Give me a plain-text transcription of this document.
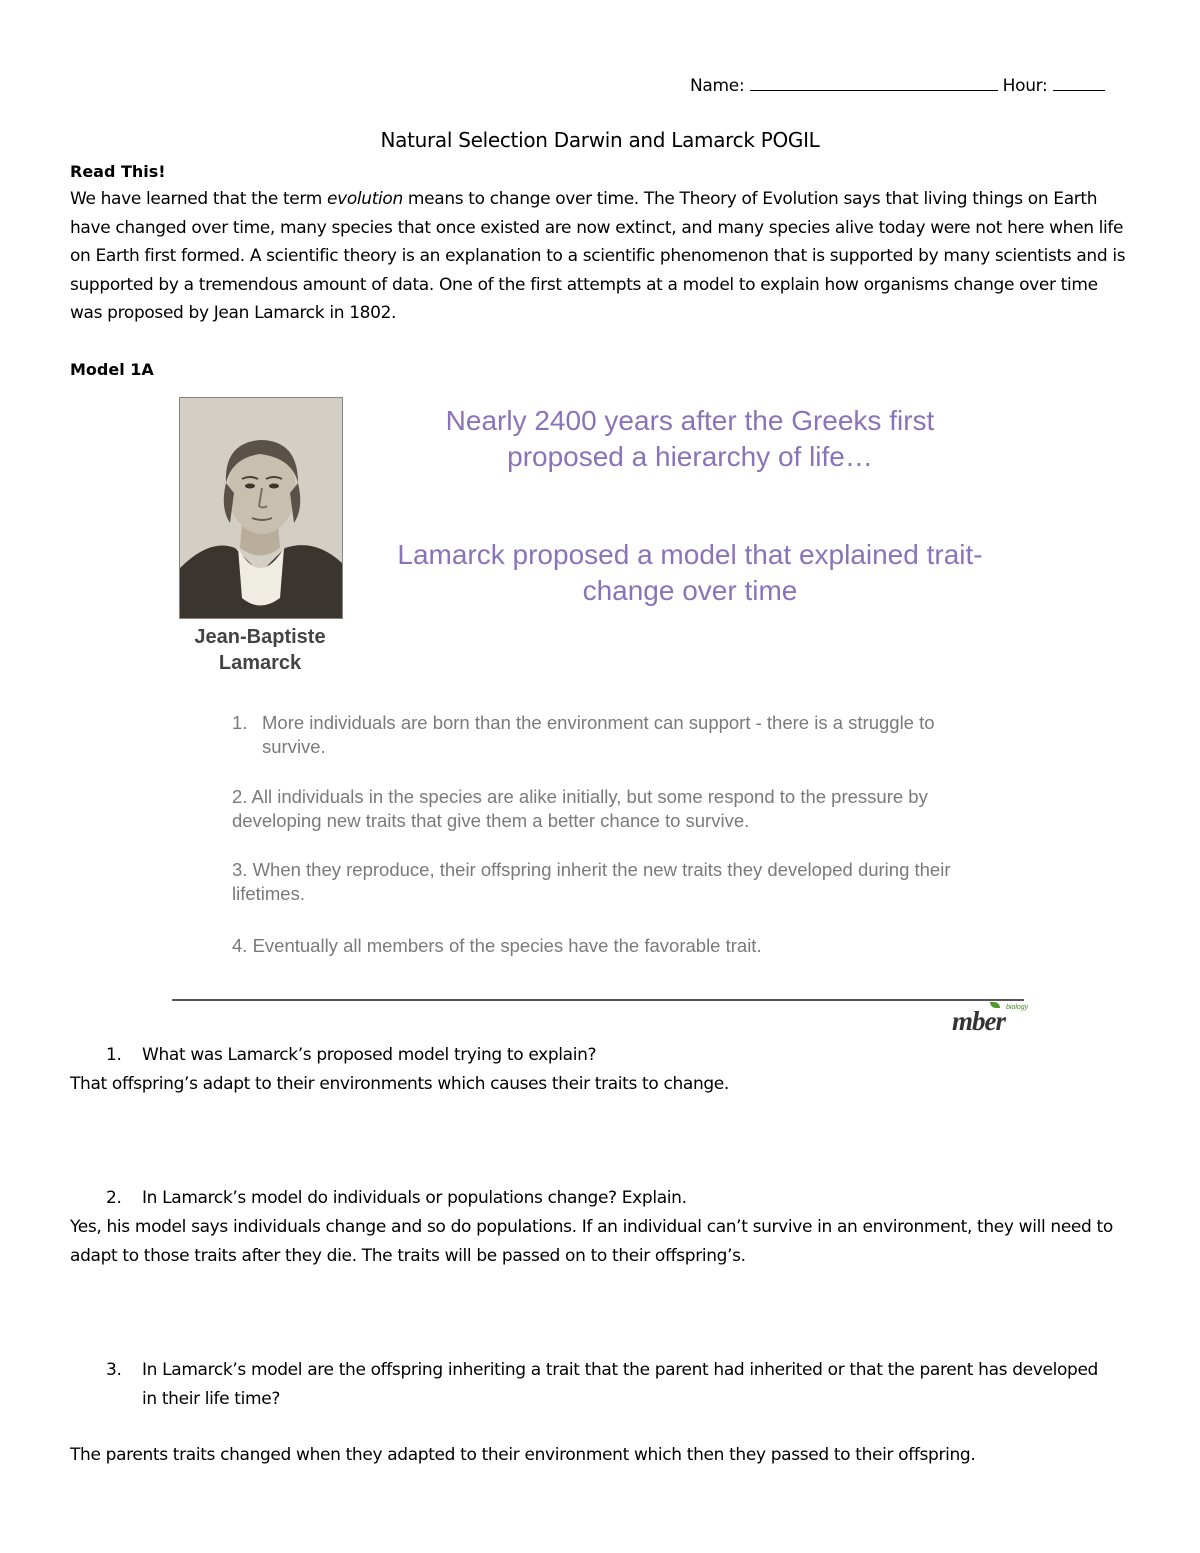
Name:	Hour:
Natural Selection Darwin and Lamarck POGIL
Read This!

We have learned that the term evolution means to change over time. The Theory of Evolution says that living things on Earth have changed over time, many species that once existed are now extinct, and many species alive today were not here when life on Earth first formed. A scientific theory is an explanation to a scientific phenomenon that is supported by many scientists and is supported by a tremendous amount of data. One of the first attempts at a model to explain how organisms change over time was proposed by Jean Lamarck in 1802.

Model 1A
Jean-Baptiste
Lamarck
Nearly 2400 years after the Greeks first
proposed a hierarchy of life…
Lamarck proposed a model that explained trait-
change over time

1. More individuals are born than the environment can support - there is a struggle to survive.

2. All individuals in the species are alike initially, but some respond to the pressure by developing new traits that give them a better chance to survive.

3. When they reproduce, their offspring inherit the new traits they developed during their lifetimes.

4. Eventually all members of the species have the favorable trait.

biology
mber
1. What was Lamarck’s proposed model trying to explain?

That offspring’s adapt to their environments which causes their traits to change.

2. In Lamarck’s model do individuals or populations change? Explain.

Yes, his model says individuals change and so do populations. If an individual can’t survive in an environment, they will need to adapt to those traits after they die. The traits will be passed on to their offspring’s.

3. In Lamarck’s model are the offspring inheriting a trait that the parent had inherited or that the parent has developed in their life time?

The parents traits changed when they adapted to their environment which then they passed to their offspring.
